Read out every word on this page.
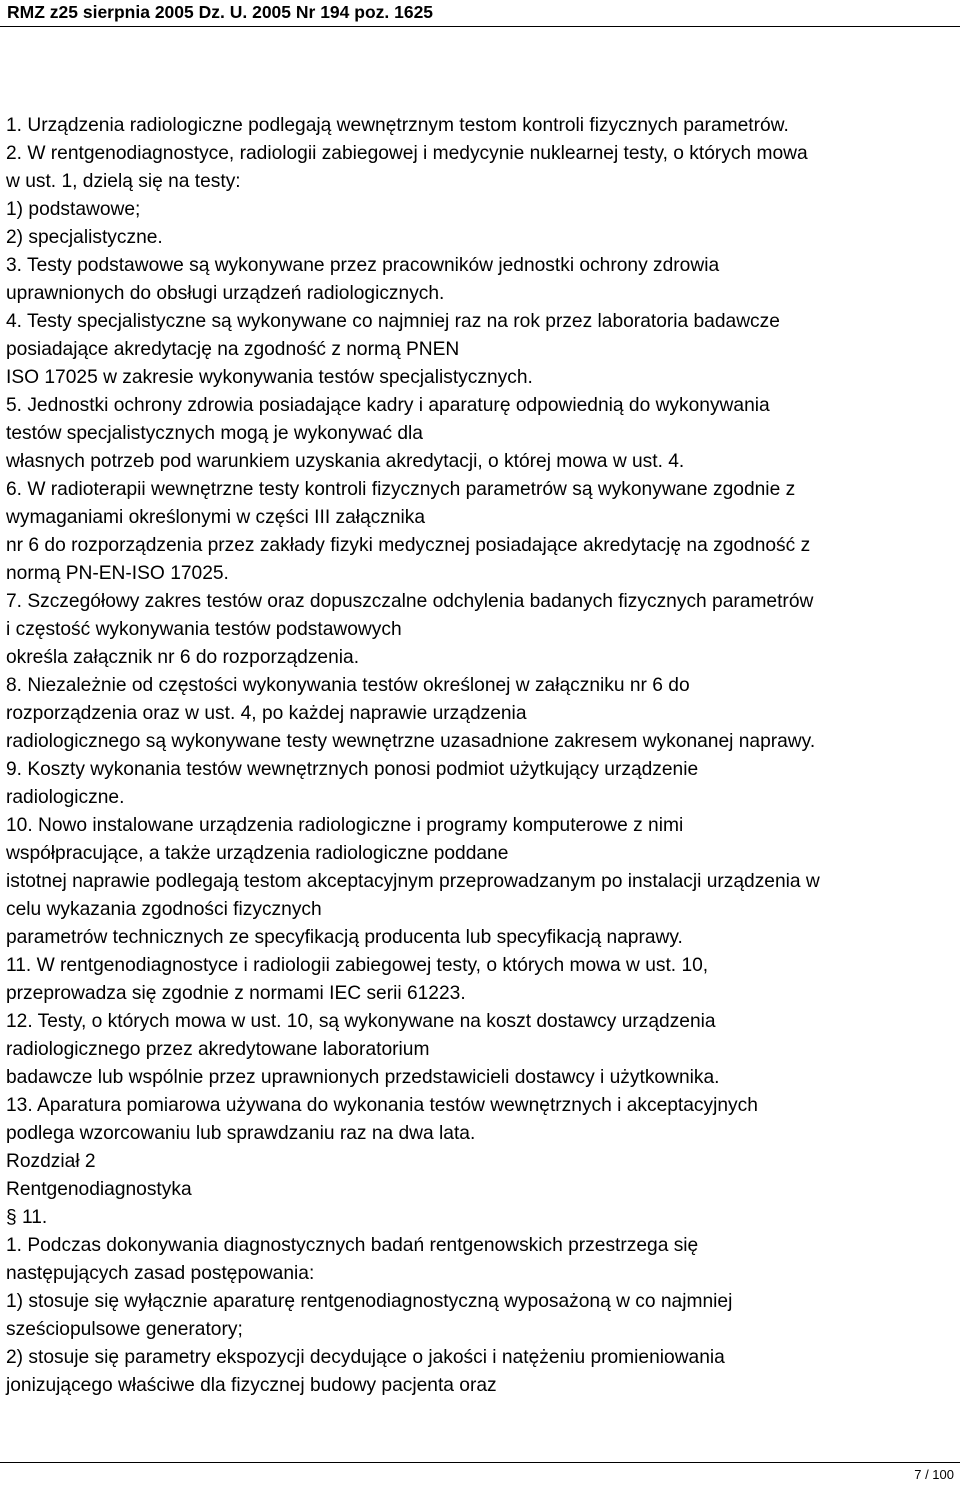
RMZ z25 sierpnia 2005 Dz. U. 2005 Nr 194 poz. 1625
1. Urządzenia radiologiczne podlegają wewnętrznym testom kontroli fizycznych parametrów.
2. W rentgenodiagnostyce, radiologii zabiegowej i medycynie nuklearnej testy, o których mowa
w ust. 1, dzielą się na testy:
1) podstawowe;
2) specjalistyczne.
3. Testy podstawowe są wykonywane przez pracowników jednostki ochrony zdrowia
uprawnionych do obsługi urządzeń radiologicznych.
4. Testy specjalistyczne są wykonywane co najmniej raz na rok przez laboratoria badawcze
posiadające akredytację na zgodność z normą PNEN
ISO 17025 w zakresie wykonywania testów specjalistycznych.
5. Jednostki ochrony zdrowia posiadające kadry i aparaturę odpowiednią do wykonywania
testów specjalistycznych mogą je wykonywać dla
własnych potrzeb pod warunkiem uzyskania akredytacji, o której mowa w ust. 4.
6. W radioterapii wewnętrzne testy kontroli fizycznych parametrów są wykonywane zgodnie z
wymaganiami określonymi w części III załącznika
nr 6 do rozporządzenia przez zakłady fizyki medycznej posiadające akredytację na zgodność z
normą PN-EN-ISO 17025.
7. Szczegółowy zakres testów oraz dopuszczalne odchylenia badanych fizycznych parametrów
i częstość wykonywania testów podstawowych
określa załącznik nr 6 do rozporządzenia.
8. Niezależnie od częstości wykonywania testów określonej w załączniku nr 6 do
rozporządzenia oraz w ust. 4, po każdej naprawie urządzenia
radiologicznego są wykonywane testy wewnętrzne uzasadnione zakresem wykonanej naprawy.
9. Koszty wykonania testów wewnętrznych ponosi podmiot użytkujący urządzenie
radiologiczne.
10. Nowo instalowane urządzenia radiologiczne i programy komputerowe z nimi
współpracujące, a także urządzenia radiologiczne poddane
istotnej naprawie podlegają testom akceptacyjnym przeprowadzanym po instalacji urządzenia w
celu wykazania zgodności fizycznych
parametrów technicznych ze specyfikacją producenta lub specyfikacją naprawy.
11. W rentgenodiagnostyce i radiologii zabiegowej testy, o których mowa w ust. 10,
przeprowadza się zgodnie z normami IEC serii 61223.
12. Testy, o których mowa w ust. 10, są wykonywane na koszt dostawcy urządzenia
radiologicznego przez akredytowane laboratorium
badawcze lub wspólnie przez uprawnionych przedstawicieli dostawcy i użytkownika.
13. Aparatura pomiarowa używana do wykonania testów wewnętrznych i akceptacyjnych
podlega wzorcowaniu lub sprawdzaniu raz na dwa lata.
Rozdział 2
Rentgenodiagnostyka
§ 11.
1. Podczas dokonywania diagnostycznych badań rentgenowskich przestrzega się
następujących zasad postępowania:
1) stosuje się wyłącznie aparaturę rentgenodiagnostyczną wyposażoną w co najmniej
sześciopulsowe generatory;
2) stosuje się parametry ekspozycji decydujące o jakości i natężeniu promieniowania
jonizującego właściwe dla fizycznej budowy pacjenta oraz
7 / 100
